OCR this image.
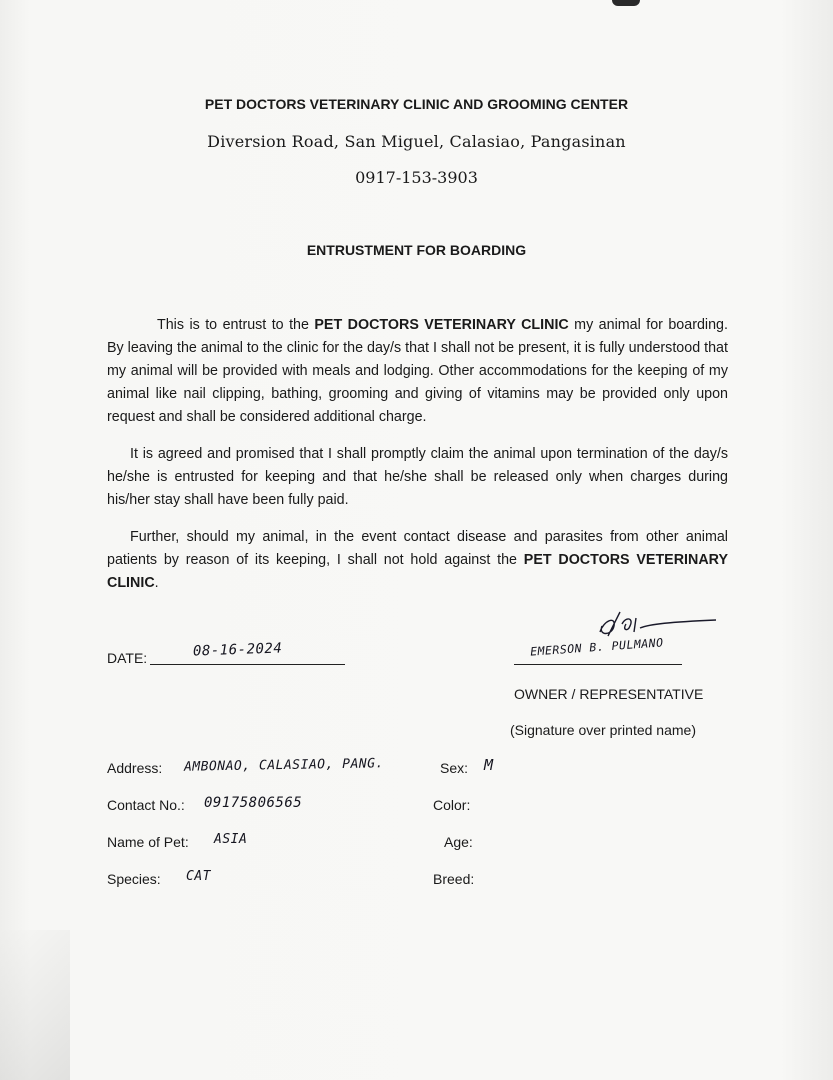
PET DOCTORS VETERINARY CLINIC AND GROOMING CENTER
Diversion Road, San Miguel, Calasiao, Pangasinan
0917-153-3903
ENTRUSTMENT FOR BOARDING

This is to entrust to the PET DOCTORS VETERINARY CLINIC my animal for boarding. By leaving the animal to the clinic for the day/s that I shall not be present, it is fully understood that my animal will be provided with meals and lodging. Other accommodations for the keeping of my animal like nail clipping, bathing, grooming and giving of vitamins may be provided only upon request and shall be considered additional charge.

It is agreed and promised that I shall promptly claim the animal upon termination of the day/s he/she is entrusted for keeping and that he/she shall be released only when charges during his/her stay shall have been fully paid.

Further, should my animal, in the event contact disease and parasites from other animal patients by reason of its keeping, I shall not hold against the PET DOCTORS VETERINARY CLINIC.

DATE:	08-16-2024	EMERSON B. PULMANO
OWNER / REPRESENTATIVE
(Signature over printed name)
Address: AMBONAO, CALASIAO, PANG.
Contact No.: 09175806565
Name of Pet: ASIA
Species: CAT
Sex: M
Color:
Age:
Breed:
